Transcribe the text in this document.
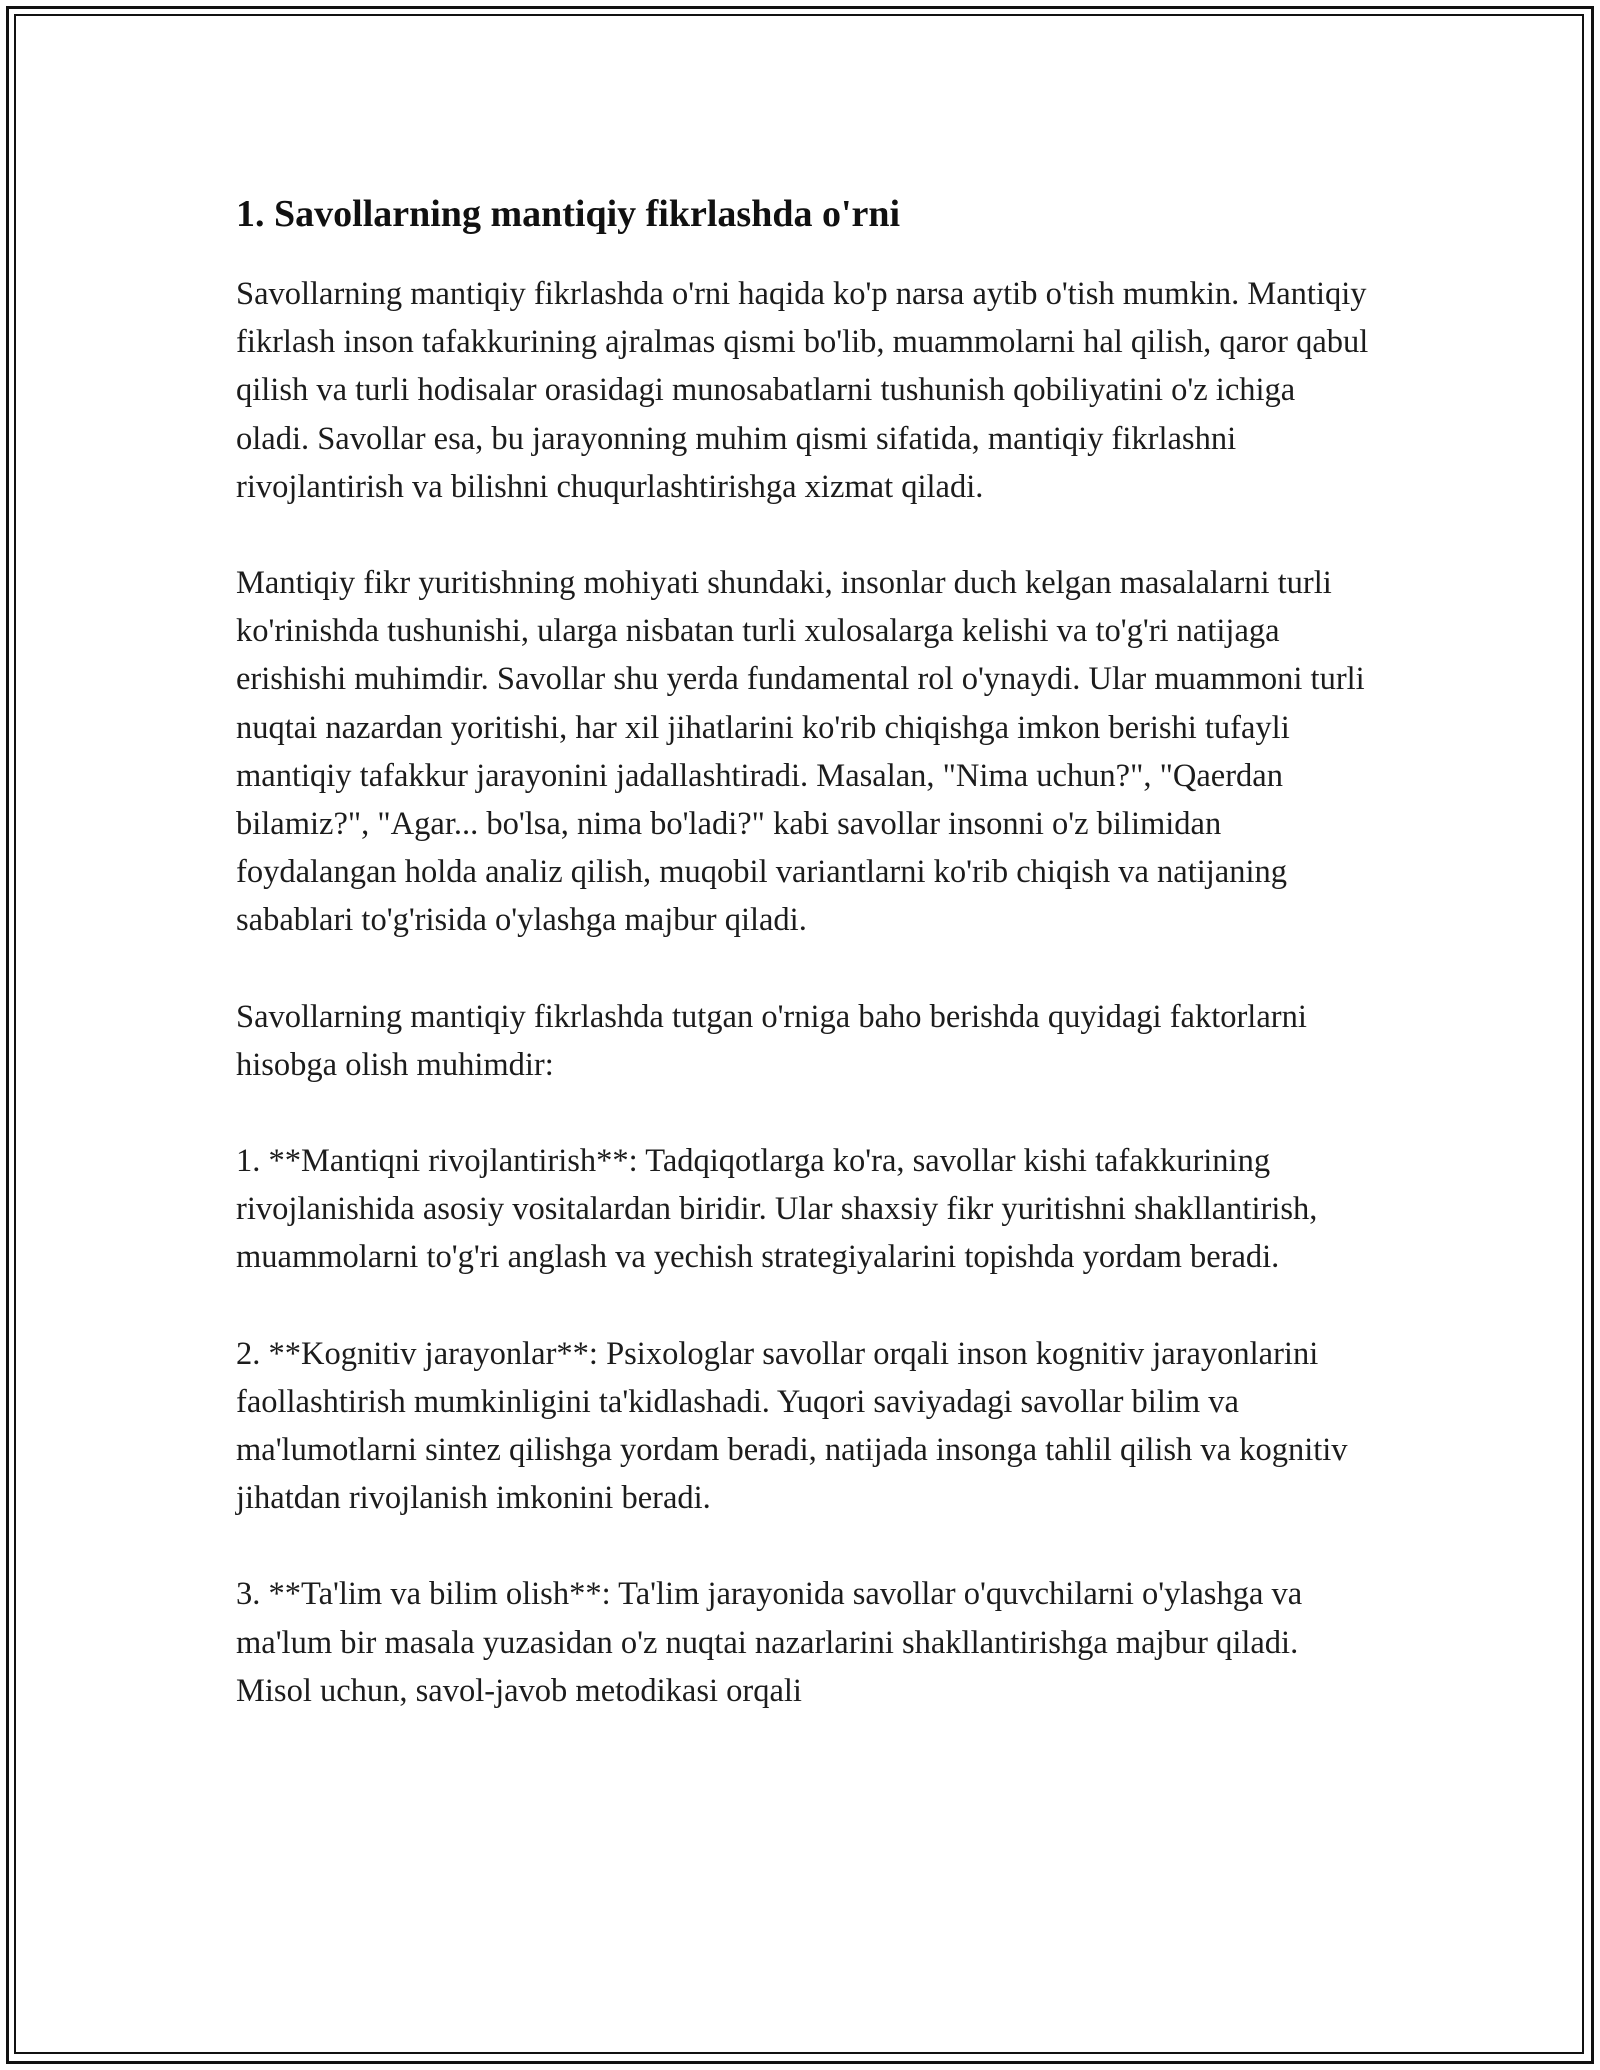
1. Savollarning mantiqiy fikrlashda o'rni

Savollarning mantiqiy fikrlashda o'rni haqida ko'p narsa aytib o'tish mumkin. Mantiqiy fikrlash inson tafakkurining ajralmas qismi bo'lib, muammolarni hal qilish, qaror qabul qilish va turli hodisalar orasidagi munosabatlarni tushunish qobiliyatini o'z ichiga oladi. Savollar esa, bu jarayonning muhim qismi sifatida, mantiqiy fikrlashni rivojlantirish va bilishni chuqurlashtirishga xizmat qiladi.

Mantiqiy fikr yuritishning mohiyati shundaki, insonlar duch kelgan masalalarni turli ko'rinishda tushunishi, ularga nisbatan turli xulosalarga kelishi va to'g'ri natijaga erishishi muhimdir. Savollar shu yerda fundamental rol o'ynaydi. Ular muammoni turli nuqtai nazardan yoritishi, har xil jihatlarini ko'rib chiqishga imkon berishi tufayli mantiqiy tafakkur jarayonini jadallashtiradi. Masalan, "Nima uchun?", "Qaerdan bilamiz?", "Agar... bo'lsa, nima bo'ladi?" kabi savollar insonni o'z bilimidan foydalangan holda analiz qilish, muqobil variantlarni ko'rib chiqish va natijaning sabablari to'g'risida o'ylashga majbur qiladi.

Savollarning mantiqiy fikrlashda tutgan o'rniga baho berishda quyidagi faktorlarni hisobga olish muhimdir:

1. **Mantiqni rivojlantirish**: Tadqiqotlarga ko'ra, savollar kishi tafakkurining rivojlanishida asosiy vositalardan biridir. Ular shaxsiy fikr yuritishni shakllantirish, muammolarni to'g'ri anglash va yechish strategiyalarini topishda yordam beradi.

2. **Kognitiv jarayonlar**: Psixologlar savollar orqali inson kognitiv jarayonlarini faollashtirish mumkinligini ta'kidlashadi. Yuqori saviyadagi savollar bilim va ma'lumotlarni sintez qilishga yordam beradi, natijada insonga tahlil qilish va kognitiv jihatdan rivojlanish imkonini beradi.

3. **Ta'lim va bilim olish**: Ta'lim jarayonida savollar o'quvchilarni o'ylashga va ma'lum bir masala yuzasidan o'z nuqtai nazarlarini shakllantirishga majbur qiladi. Misol uchun, savol-javob metodikasi orqali
